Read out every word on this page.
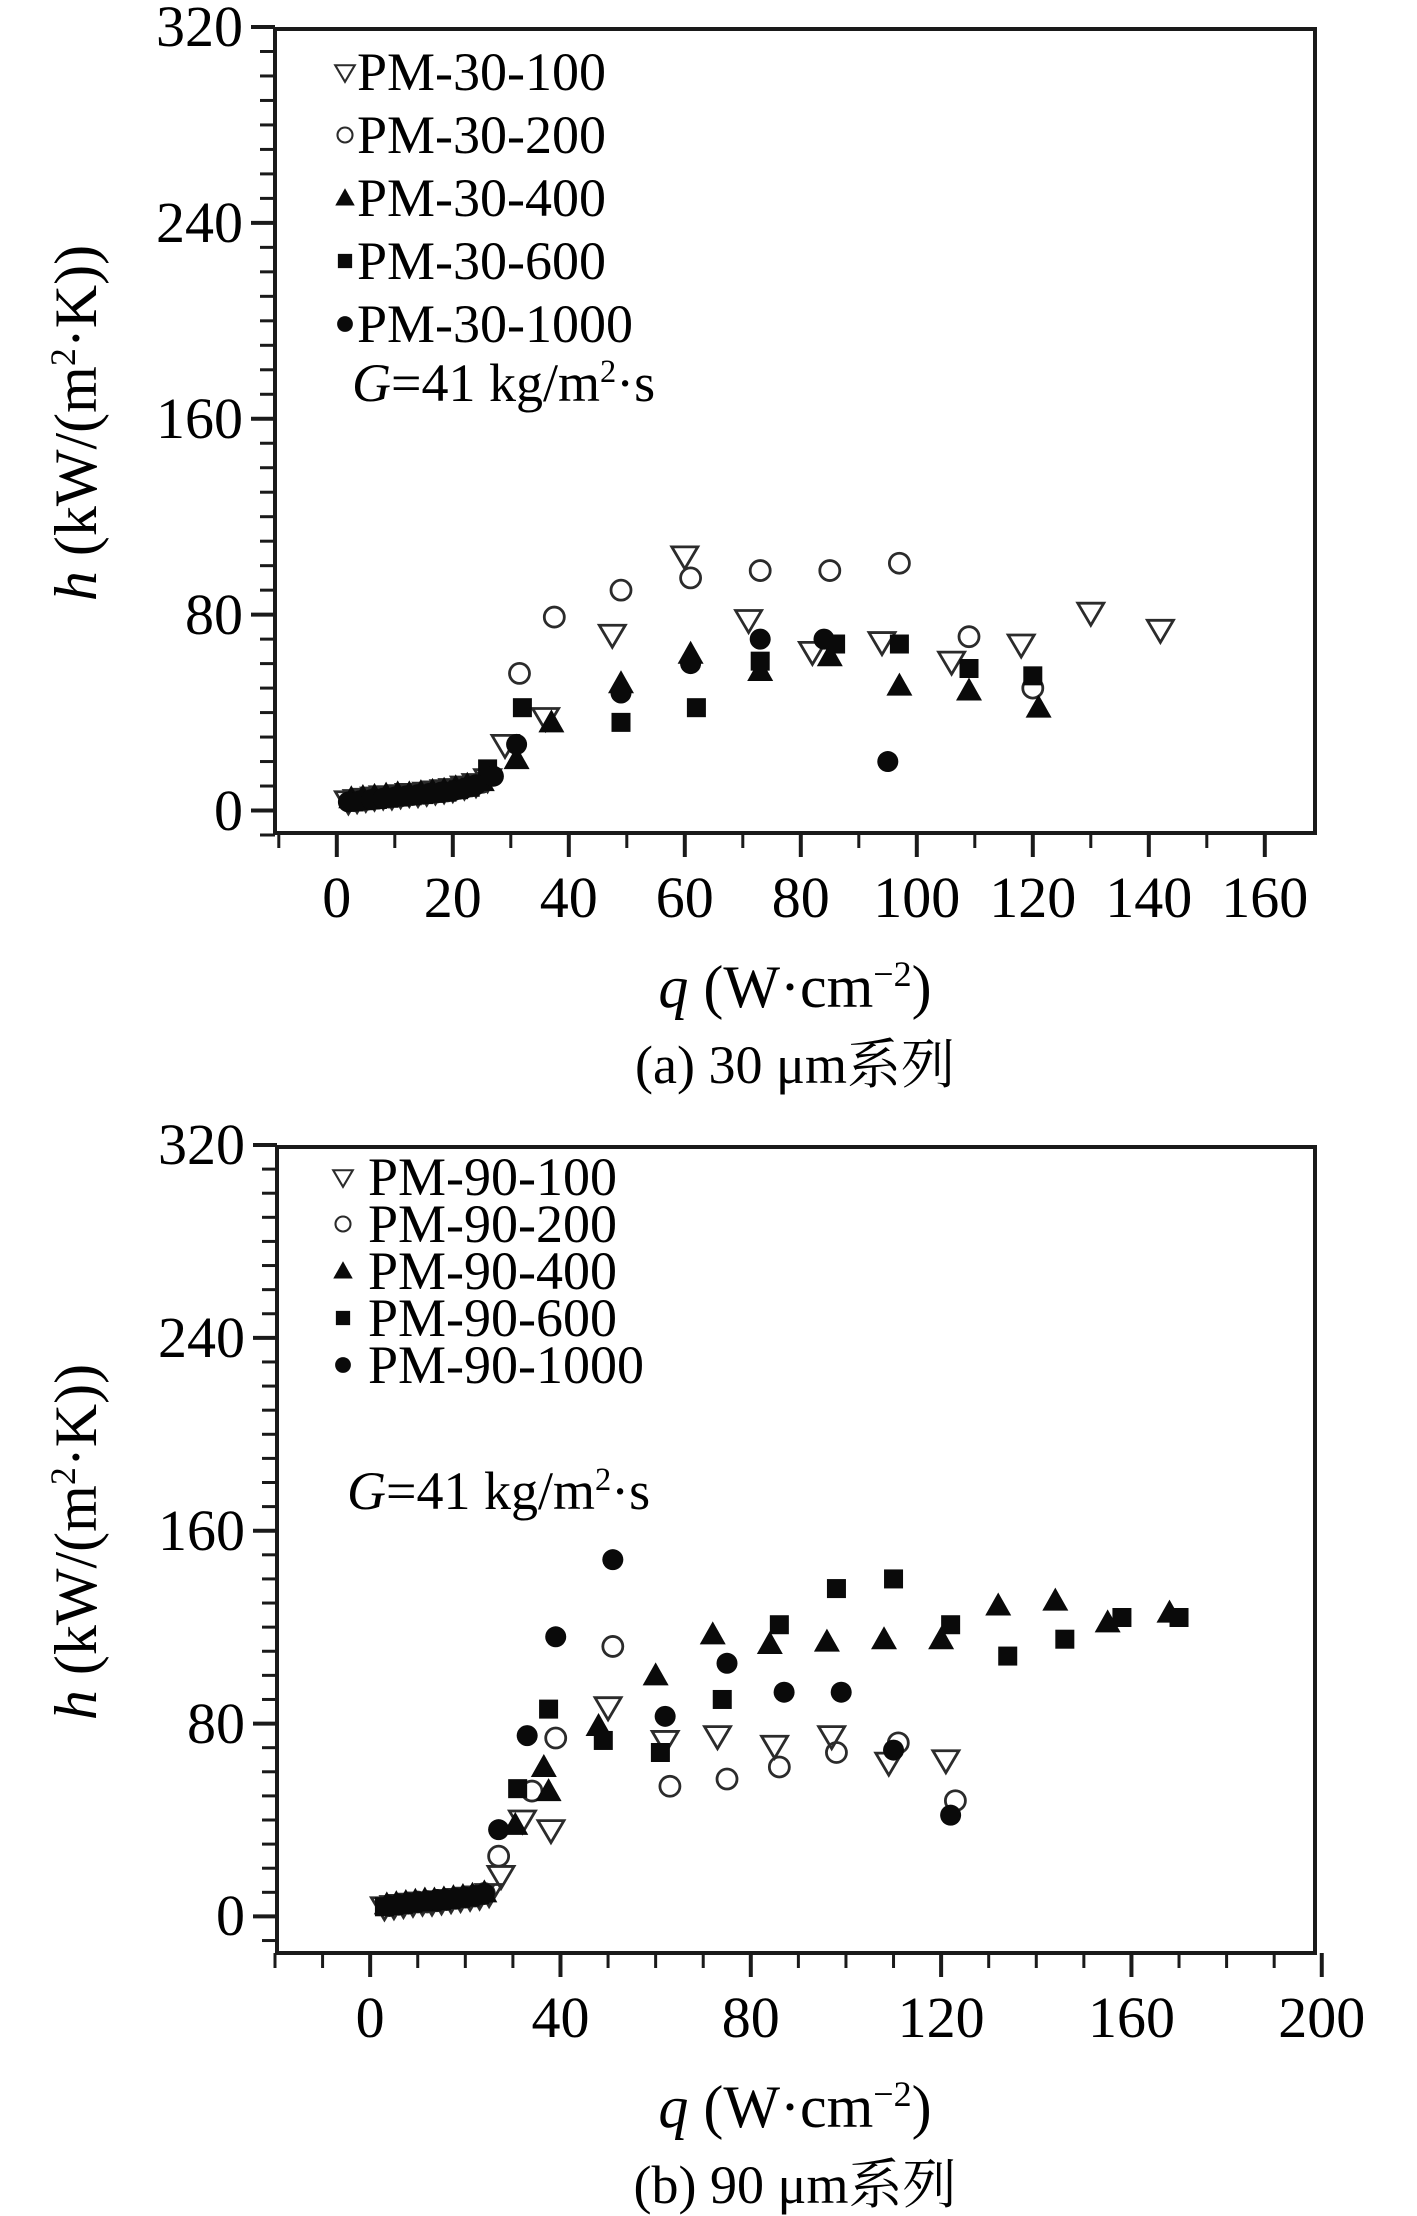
0 20 40 60 80 100 120 140 160
0
80
160
240
320
q $(W\cdot cm^{-2})$
h $(kW/(m^2\cdot K))$
(a) 30 μm系列
PM-30-100
PM-30-200
PM-30-400
PM-30-600
PM-30-1000
G=41 $kg/m^2\cdot s$
0	40 80 120 160 200
0
80
160
240
320
q $(W\cdot cm^{-2})$
h $(kW/(m^2\cdot K))$
(b) 90 μm系列
PM-90-100
PM-90-200
PM-90-400
PM-90-600
PM-90-1000
G=41 $kg/m^2\cdot s$
